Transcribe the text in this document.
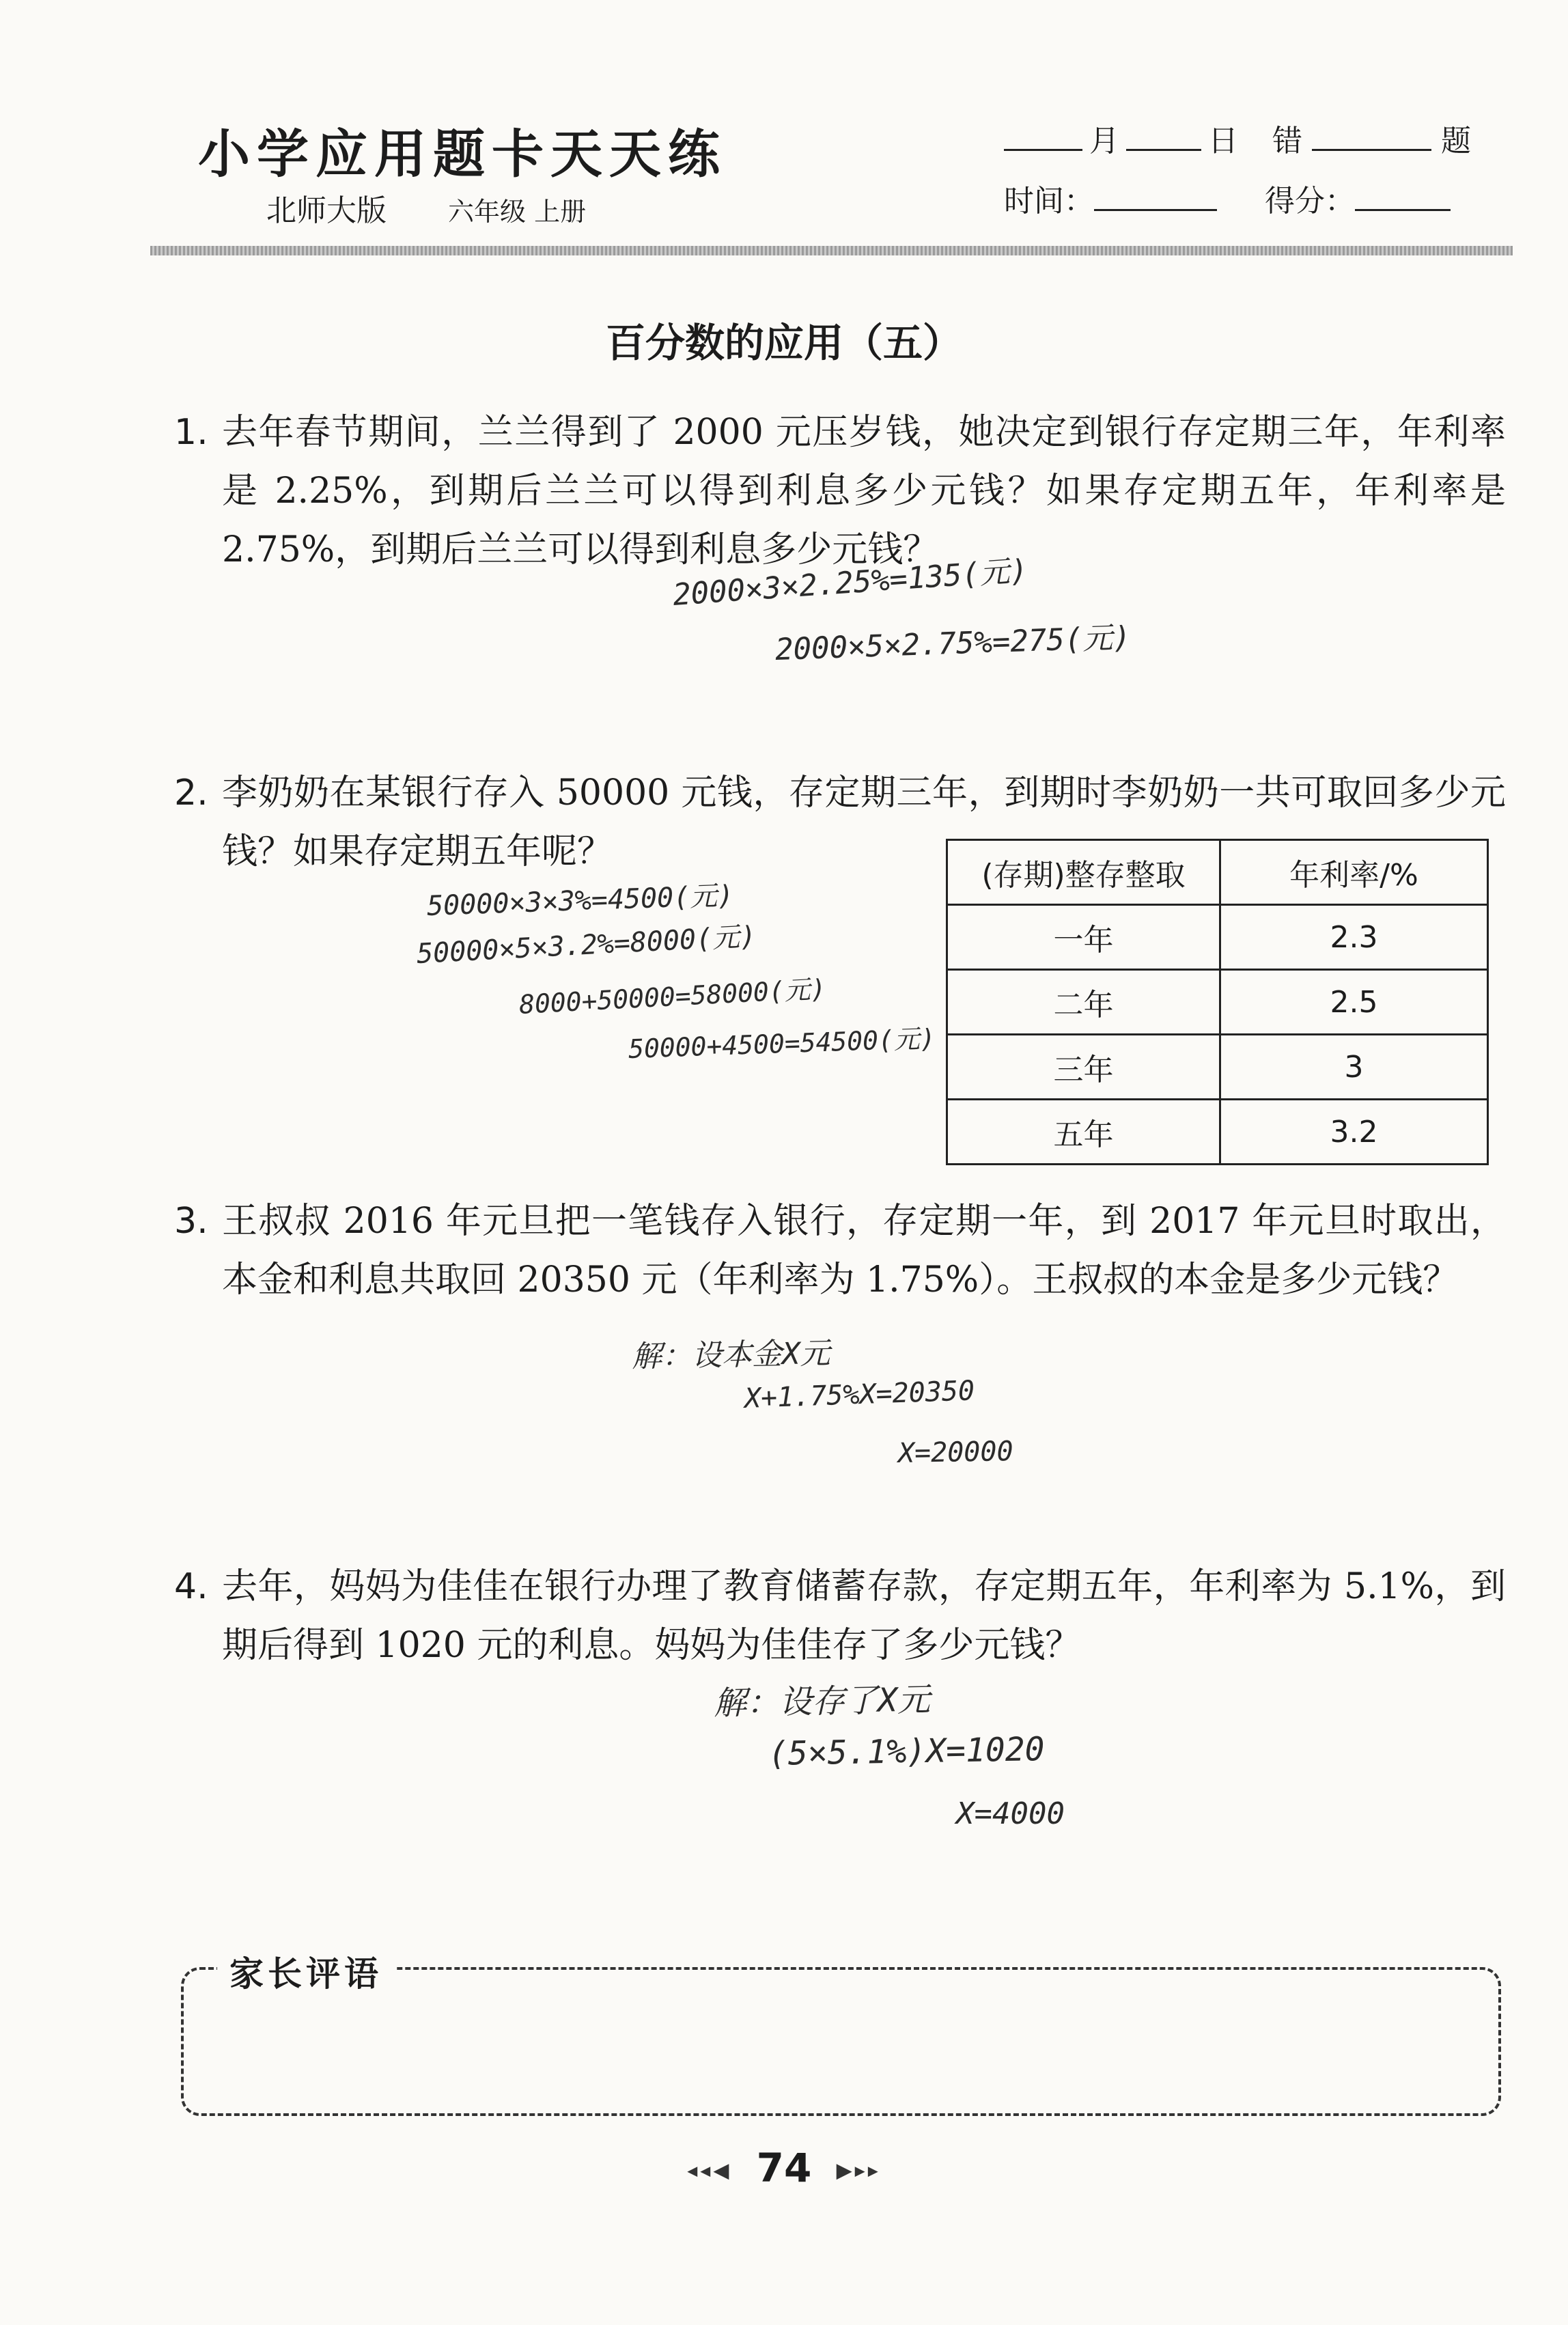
小学应用题卡天天练
北师大版 六年级 上册
月	日 错	题
时间：	得分：
百分数的应用（五）
1. 去年春节期间，兰兰得到了 2000 元压岁钱，她决定到银行存定期三年，年利率是 2.25%，到期后兰兰可以得到利息多少元钱？如果存定期五年，年利率是 2.75%，到期后兰兰可以得到利息多少元钱？
2000×3×2.25%=135(元)
2000×5×2.75%=275(元)
2. 李奶奶在某银行存入 50000 元钱，存定期三年，到期时李奶奶一共可取回多少元钱？如果存定期五年呢？
50000×3×3%=4500(元)
50000×5×3.2%=8000(元)
8000+50000=58000(元)
50000+4500=54500(元)
(存期)整存整取	年利率/%
一年	2.3
二年	2.5
三年	3
五年	3.2
3. 王叔叔 2016 年元旦把一笔钱存入银行，存定期一年，到 2017 年元旦时取出，本金和利息共取回 20350 元（年利率为 1.75%）。王叔叔的本金是多少元钱？
解：设本金X元
X+1.75%X=20350
X=20000
4. 去年，妈妈为佳佳在银行办理了教育储蓄存款，存定期五年，年利率为 5.1%，到期后得到 1020 元的利息。妈妈为佳佳存了多少元钱？
解：设存了X元
(5×5.1%)X=1020
X=4000
家长评语
◂◂◀ 74 ▶▸▸
